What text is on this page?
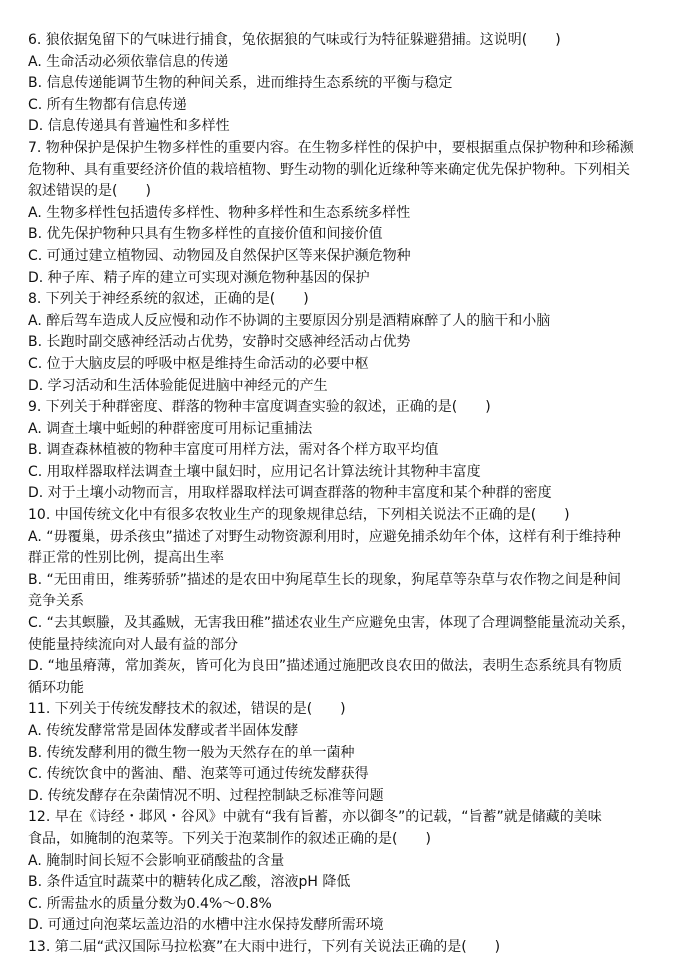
6. 狼依据兔留下的气味进行捕食，兔依据狼的气味或行为特征躲避猎捕。这说明(　　)
A. 生命活动必须依靠信息的传递
B. 信息传递能调节生物的种间关系，进而维持生态系统的平衡与稳定
C. 所有生物都有信息传递
D. 信息传递具有普遍性和多样性
7. 物种保护是保护生物多样性的重要内容。在生物多样性的保护中，要根据重点保护物种和珍稀濒
危物种、具有重要经济价值的栽培植物、野生动物的驯化近缘种等来确定优先保护物种。下列相关
叙述错误的是(　　)
A. 生物多样性包括遗传多样性、物种多样性和生态系统多样性
B. 优先保护物种只具有生物多样性的直接价值和间接价值
C. 可通过建立植物园、动物园及自然保护区等来保护濒危物种
D. 种子库、精子库的建立可实现对濒危物种基因的保护
8. 下列关于神经系统的叙述，正确的是(　　)
A. 醉后驾车造成人反应慢和动作不协调的主要原因分别是酒精麻醉了人的脑干和小脑
B. 长跑时副交感神经活动占优势，安静时交感神经活动占优势
C. 位于大脑皮层的呼吸中枢是维持生命活动的必要中枢
D. 学习活动和生活体验能促进脑中神经元的产生
9. 下列关于种群密度、群落的物种丰富度调查实验的叙述，正确的是(　　)
A. 调查土壤中蚯蚓的种群密度可用标记重捕法
B. 调查森林植被的物种丰富度可用样方法，需对各个样方取平均值
C. 用取样器取样法调查土壤中鼠妇时，应用记名计算法统计其物种丰富度
D. 对于土壤小动物而言，用取样器取样法可调查群落的物种丰富度和某个种群的密度
10. 中国传统文化中有很多农牧业生产的现象规律总结，下列相关说法不正确的是(　　)
A. “毋覆巢，毋杀孩虫”描述了对野生动物资源利用时，应避免捕杀幼年个体，这样有利于维持种
群正常的性别比例，提高出生率
B. “无田甫田，维莠骄骄”描述的是农田中狗尾草生长的现象，狗尾草等杂草与农作物之间是种间
竞争关系
C. “去其螟螣，及其蟊贼，无害我田稚”描述农业生产应避免虫害，体现了合理调整能量流动关系，
使能量持续流向对人最有益的部分
D. “地虽瘠薄，常加粪灰，皆可化为良田”描述通过施肥改良农田的做法，表明生态系统具有物质
循环功能
11. 下列关于传统发酵技术的叙述，错误的是(　　)
A. 传统发酵常常是固体发酵或者半固体发酵
B. 传统发酵利用的微生物一般为天然存在的单一菌种
C. 传统饮食中的酱油、醋、泡菜等可通过传统发酵获得
D. 传统发酵存在杂菌情况不明、过程控制缺乏标准等问题
12. 早在《诗经・邶风・谷风》中就有“我有旨蓄，亦以御冬”的记载，“旨蓄”就是储藏的美味
食品，如腌制的泡菜等。下列关于泡菜制作的叙述正确的是(　　)
A. 腌制时间长短不会影响亚硝酸盐的含量
B. 条件适宜时蔬菜中的糖转化成乙酸，溶液pH 降低
C. 所需盐水的质量分数为0.4%～0.8%
D. 可通过向泡菜坛盖边沿的水槽中注水保持发酵所需环境
13. 第二届“武汉国际马拉松赛”在大雨中进行，下列有关说法正确的是(　　)
